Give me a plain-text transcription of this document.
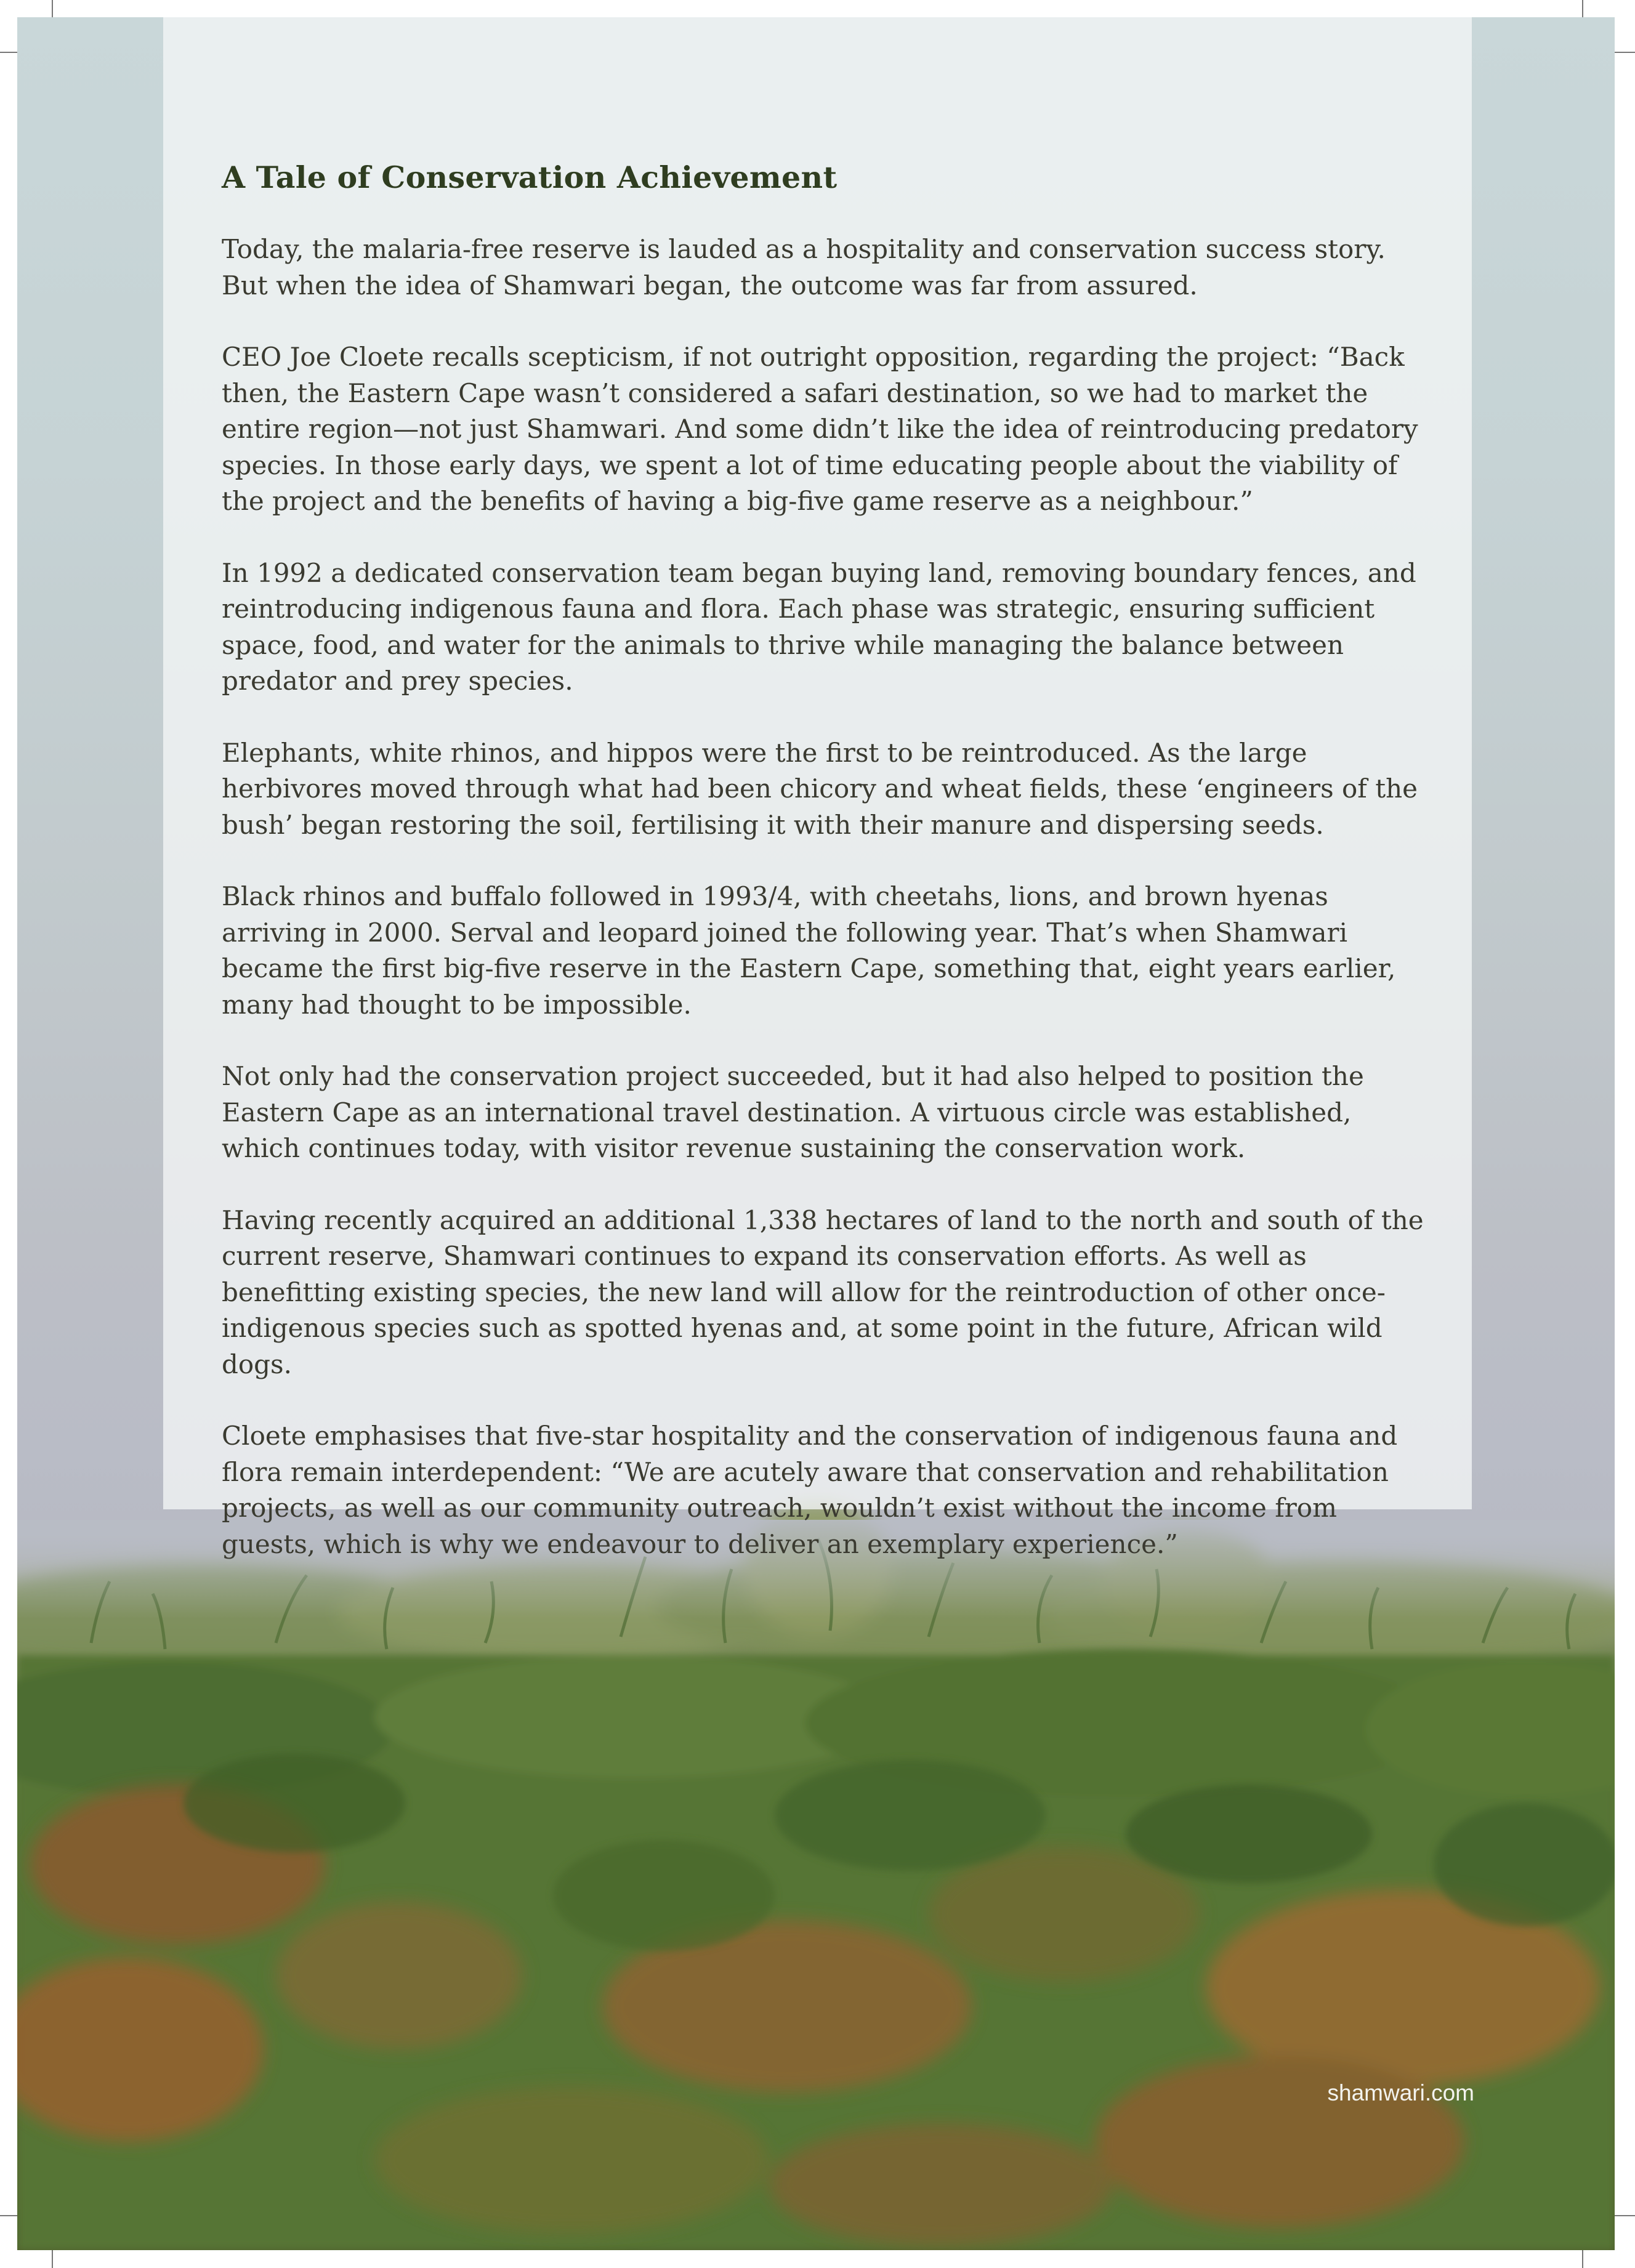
A Tale of Conservation Achievement

Today, the malaria-free reserve is lauded as a hospitality and conservation success story. But when the idea of Shamwari began, the outcome was far from assured.

CEO Joe Cloete recalls scepticism, if not outright opposition, regarding the project: “Back then, the Eastern Cape wasn’t considered a safari destination, so we had to market the entire region—not just Shamwari. And some didn’t like the idea of reintroducing predatory species. In those early days, we spent a lot of time educating people about the viability of the project and the benefits of having a big-five game reserve as a neighbour.”

In 1992 a dedicated conservation team began buying land, removing boundary fences, and reintroducing indigenous fauna and flora. Each phase was strategic, ensuring sufficient space, food, and water for the animals to thrive while managing the balance between predator and prey species.

Elephants, white rhinos, and hippos were the first to be reintroduced. As the large herbivores moved through what had been chicory and wheat fields, these ‘engineers of the bush’ began restoring the soil, fertilising it with their manure and dispersing seeds.

Black rhinos and buffalo followed in 1993/4, with cheetahs, lions, and brown hyenas arriving in 2000. Serval and leopard joined the following year. That’s when Shamwari became the first big-five reserve in the Eastern Cape, something that, eight years earlier, many had thought to be impossible.

Not only had the conservation project succeeded, but it had also helped to position the Eastern Cape as an international travel destination. A virtuous circle was established, which continues today, with visitor revenue sustaining the conservation work.

Having recently acquired an additional 1,338 hectares of land to the north and south of the current reserve, Shamwari continues to expand its conservation efforts. As well as benefitting existing species, the new land will allow for the reintroduction of other once-indigenous species such as spotted hyenas and, at some point in the future, African wild dogs.

Cloete emphasises that five-star hospitality and the conservation of indigenous fauna and flora remain interdependent: “We are acutely aware that conservation and rehabilitation projects, as well as our community outreach, wouldn’t exist without the income from guests, which is why we endeavour to deliver an exemplary experience.”

shamwari.com
